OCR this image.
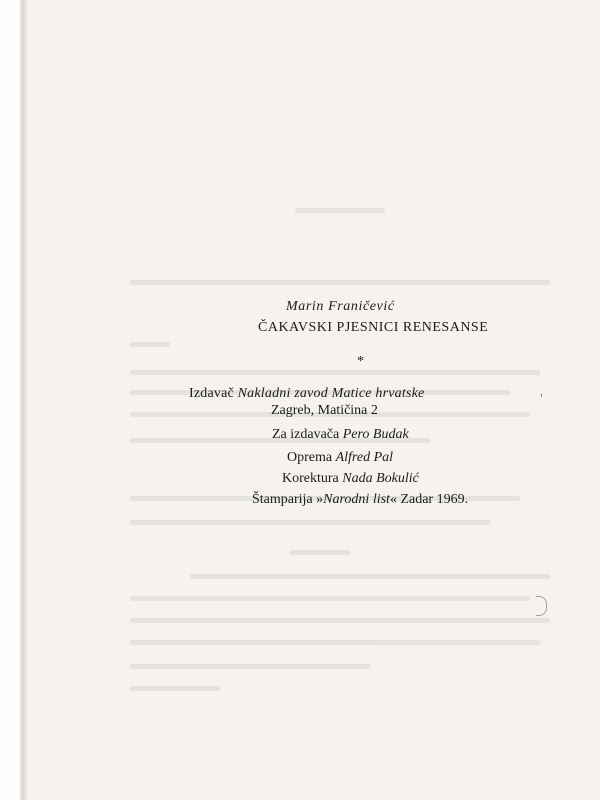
Marin Franičević
ČAKAVSKI PJESNICI RENESANSE
*
Izdavač Nakladni zavod Matice hrvatske
Zagreb, Matičina 2
Za izdavača Pero Budak
Oprema Alfred Pal
Korektura Nada Bokulić
Štamparija »Narodni list« Zadar 1969.
'
